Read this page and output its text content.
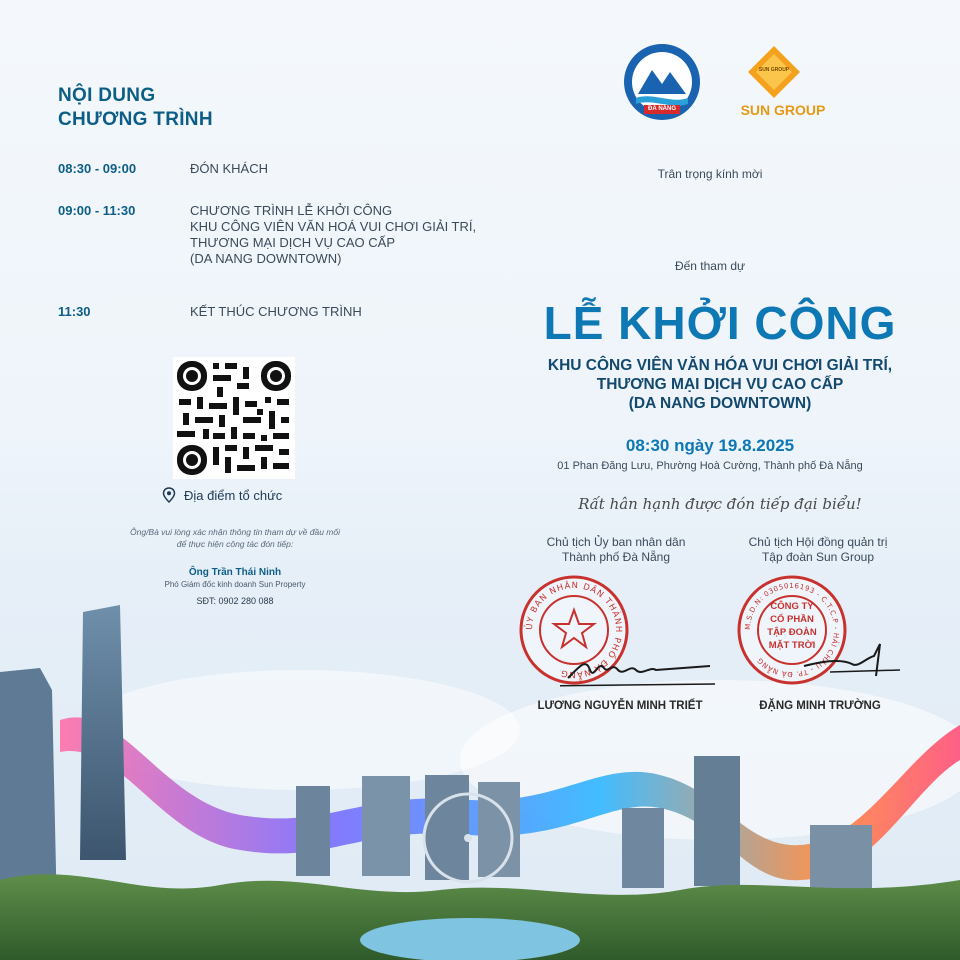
ĐÀ NẴNG
SUN GROUP
SUN GROUP
NỘI DUNG
CHƯƠNG TRÌNH
08:30 - 09:00	ĐÓN KHÁCH
09:00 - 11:30	CHƯƠNG TRÌNH LỄ KHỞI CÔNG
KHU CÔNG VIÊN VĂN HOÁ VUI CHƠI GIẢI TRÍ,
THƯƠNG MẠI DỊCH VỤ CAO CẤP
(DA NANG DOWNTOWN)
11:30	KẾT THÚC CHƯƠNG TRÌNH
Địa điểm tổ chức
Ông/Bà vui lòng xác nhận thông tin tham dự về đầu mối
để thực hiện công tác đón tiếp:
Ông Trần Thái Ninh
Phó Giám đốc kinh doanh Sun Property
SĐT: 0902 280 088
Trân trọng kính mời
Đến tham dự
LỄ KHỞI CÔNG
KHU CÔNG VIÊN VĂN HÓA VUI CHƠI GIẢI TRÍ,
THƯƠNG MẠI DỊCH VỤ CAO CẤP
(DA NANG DOWNTOWN)
08:30 ngày 19.8.2025
01 Phan Đăng Lưu, Phường Hoà Cường, Thành phố Đà Nẵng
Rất hân hạnh được đón tiếp đại biểu!
Chủ tịch Ủy ban nhân dân
Thành phố Đà Nẵng
Chủ tịch Hội đồng quản trị
Tập đoàn Sun Group
ỦY BAN NHÂN DÂN THÀNH PHỐ ĐÀ NẴNG
M.S.D.N: 0305016193 - C.T.C.P - HẢI CHÂU - TP. ĐÀ NẴNG
CÔNG TY
CỔ PHẦN
TẬP ĐOÀN
MẶT TRỜI
LƯƠNG NGUYỄN MINH TRIẾT	ĐẶNG MINH TRƯỜNG
